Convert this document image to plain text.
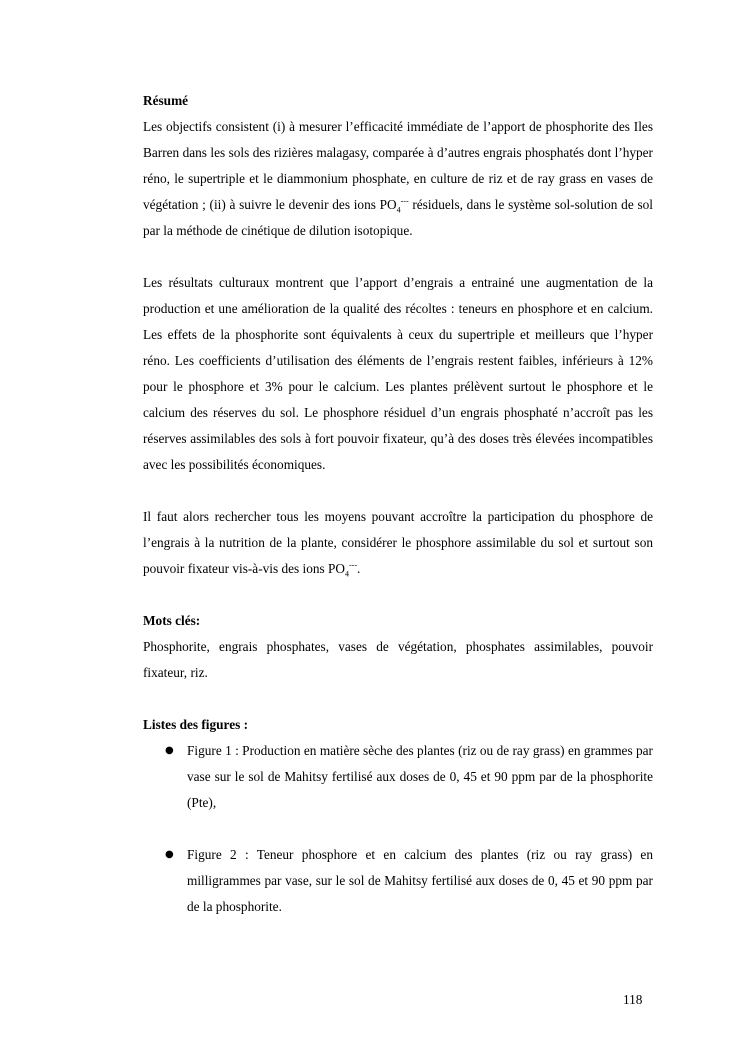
Résumé

Les objectifs consistent (i) à mesurer l’efficacité immédiate de l’apport de phosphorite des Iles Barren dans les sols des rizières malagasy, comparée à d’autres engrais phosphatés dont l’hyper réno, le supertriple et le diammonium phosphate, en culture de riz et de ray grass en vases de végétation ; (ii) à suivre le devenir des ions $PO_4^{---}$ résiduels, dans le système sol-solution de sol par la méthode de cinétique de dilution isotopique.

Les résultats culturaux montrent que l’apport d’engrais a entrainé une augmentation de la production et une amélioration de la qualité des récoltes : teneurs en phosphore et en calcium. Les effets de la phosphorite sont équivalents à ceux du supertriple et meilleurs que l’hyper réno. Les coefficients d’utilisation des éléments de l’engrais restent faibles, inférieurs à 12% pour le phosphore et 3% pour le calcium. Les plantes prélèvent surtout le phosphore et le calcium des réserves du sol. Le phosphore résiduel d’un engrais phosphaté n’accroît pas les réserves assimilables des sols à fort pouvoir fixateur, qu’à des doses très élevées incompatibles avec les possibilités économiques.

Il faut alors rechercher tous les moyens pouvant accroître la participation du phosphore de l’engrais à la nutrition de la plante, considérer le phosphore assimilable du sol et surtout son pouvoir fixateur vis-à-vis des ions $PO_4^{---}$.

Mots clés:

Phosphorite, engrais phosphates, vases de végétation, phosphates assimilables, pouvoir fixateur, riz.

Listes des figures :

● Figure 1 : Production en matière sèche des plantes (riz ou de ray grass) en grammes par vase sur le sol de Mahitsy fertilisé aux doses de 0, 45 et 90 ppm par de la phosphorite (Pte),

● Figure 2 : Teneur phosphore et en calcium des plantes (riz ou ray grass) en milligrammes par vase, sur le sol de Mahitsy fertilisé aux doses de 0, 45 et 90 ppm par de la phosphorite.
118
